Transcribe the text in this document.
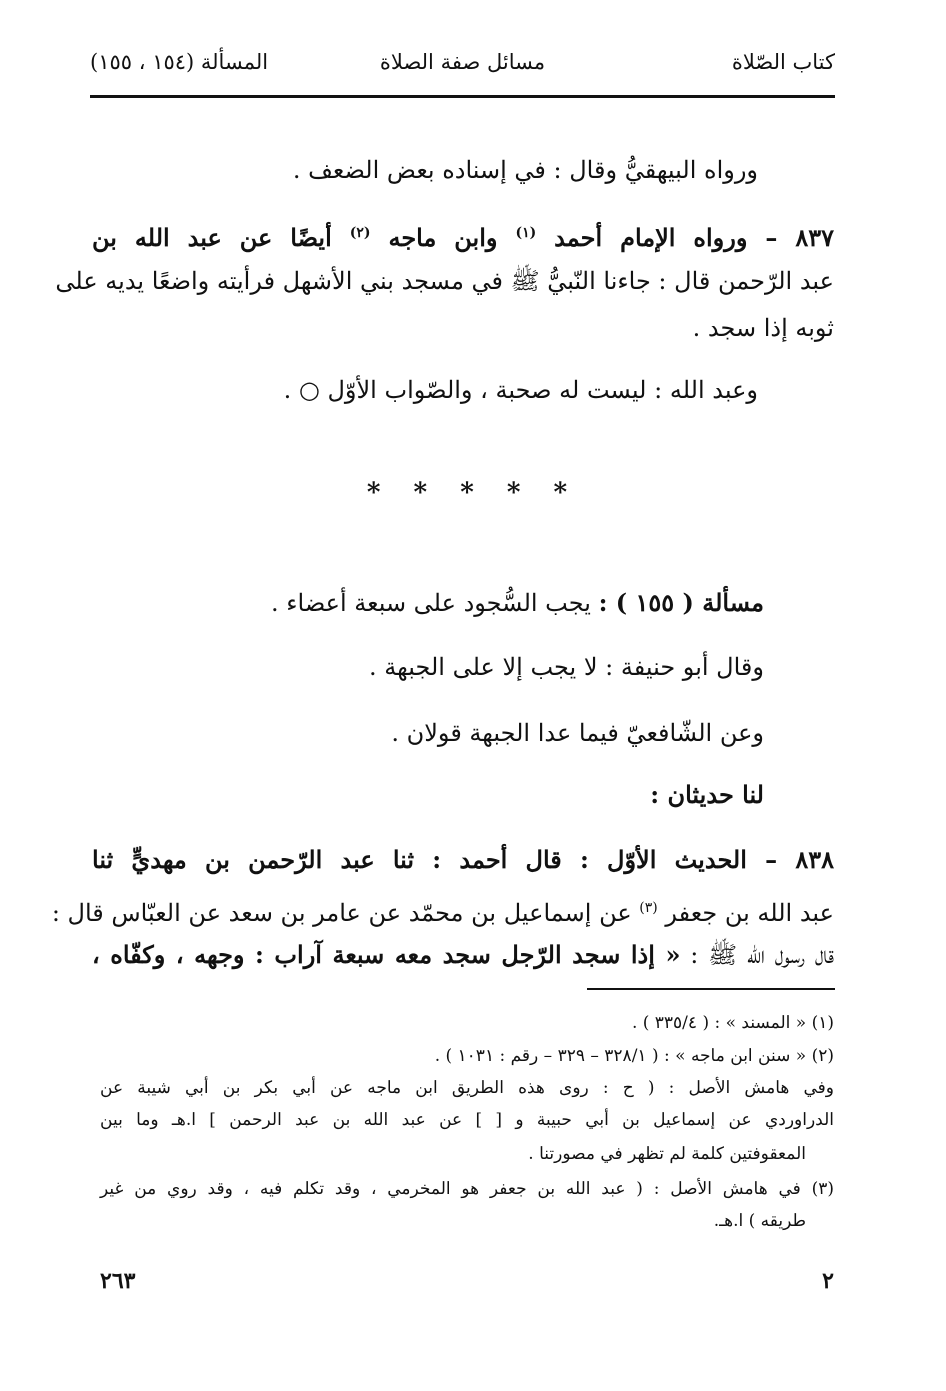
كتاب الصّلاة
مسائل صفة الصلاة
المسألة (١٥٤ ، ١٥٥)
ورواه البيهقيُّ وقال : في إسناده بعض الضعف .
٨٣٧ – ورواه الإمام أحمد $^{(١)}$ وابن ماجه $^{(٢)}$ أيضًا عن عبد الله بن
عبد الرّحمن قال : جاءنا النّبيُّ ﷺ في مسجد بني الأشهل فرأيته واضعًا يديه على
ثوبه إذا سجد .
وعبد الله : ليست له صحبة ، والصّواب الأوّل ○ .
* * * * *
مسألة ( ١٥٥ ) : يجب السُّجود على سبعة أعضاء .
وقال أبو حنيفة : لا يجب إلا على الجبهة .
وعن الشّافعيّ فيما عدا الجبهة قولان .
لنا حديثان :
٨٣٨ – الحديث الأوّل : قال أحمد : ثنا عبد الرّحمن بن مهديٍّ ثنا
عبد الله بن جعفر $^{(٣)}$ عن إسماعيل بن محمّد عن عامر بن سعد عن العبّاس قال :
قال رسول الله ﷺ : « إذا سجد الرّجل سجد معه سبعة آراب : وجهه ، وكفّاه ،
(١) « المسند » : ( ٣٣٥/٤ ) .
(٢) « سنن ابن ماجه » : ( ٣٢٨/١ – ٣٢٩ – رقم : ١٠٣١ ) .
وفي هامش الأصل : ( ح : روى هذه الطريق ابن ماجه عن أبي بكر بن أبي شيبة عن
الدراوردي عن إسماعيل بن أبي حبيبة و [ ] عن عبد الله بن عبد الرحمن ] ا.هـ وما بين
المعقوفتين كلمة لم تظهر في مصورتنا .
(٣) في هامش الأصل : ( عبد الله بن جعفر هو المخرمي ، وقد تكلم فيه ، وقد روي من غير
طريقه ) ا.هـ.
٢
٢٦٣
